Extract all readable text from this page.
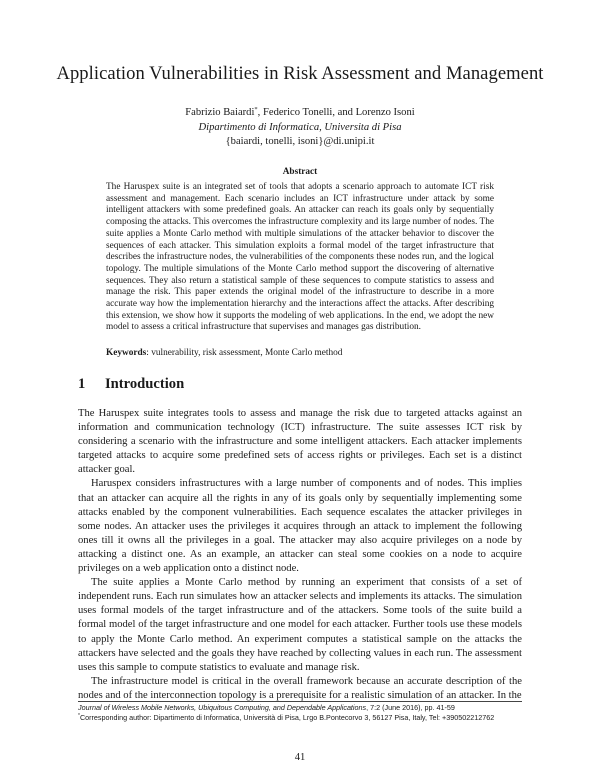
Application Vulnerabilities in Risk Assessment and Management
Fabrizio Baiardi*, Federico Tonelli, and Lorenzo Isoni
Dipartimento di Informatica, Universita di Pisa
{baiardi, tonelli, isoni}@di.unipi.it
Abstract
The Haruspex suite is an integrated set of tools that adopts a scenario approach to automate ICT risk assessment and management. Each scenario includes an ICT infrastructure under attack by some intelligent attackers with some predefined goals. An attacker can reach its goals only by sequentially composing the attacks. This overcomes the infrastructure complexity and its large number of nodes. The suite applies a Monte Carlo method with multiple simulations of the attacker behavior to discover the sequences of each attacker. This simulation exploits a formal model of the target infrastructure that describes the infrastructure nodes, the vulnerabilities of the components these nodes run, and the logical topology. The multiple simulations of the Monte Carlo method support the discovering of alternative sequences. They also return a statistical sample of these sequences to compute statistics to assess and manage the risk. This paper extends the original model of the infrastructure to describe in a more accurate way how the implementation hierarchy and the interactions affect the attacks. After describing this extension, we show how it supports the modeling of web applications. In the end, we adopt the new model to assess a critical infrastructure that supervises and manages gas distribution.
Keywords: vulnerability, risk assessment, Monte Carlo method
1 Introduction

The Haruspex suite integrates tools to assess and manage the risk due to targeted attacks against an information and communication technology (ICT) infrastructure. The suite assesses ICT risk by considering a scenario with the infrastructure and some intelligent attackers. Each attacker implements targeted attacks to acquire some predefined sets of access rights or privileges. Each set is a distinct attacker goal.

Haruspex considers infrastructures with a large number of components and of nodes. This implies that an attacker can acquire all the rights in any of its goals only by sequentially implementing some attacks enabled by the component vulnerabilities. Each sequence escalates the attacker privileges in some nodes. An attacker uses the privileges it acquires through an attack to implement the following ones till it owns all the privileges in a goal. The attacker may also acquire privileges on a node by attacking a distinct one. As an example, an attacker can steal some cookies on a node to acquire privileges on a web application onto a distinct node.

The suite applies a Monte Carlo method by running an experiment that consists of a set of independent runs. Each run simulates how an attacker selects and implements its attacks. The simulation uses formal models of the target infrastructure and of the attackers. Some tools of the suite build a formal model of the target infrastructure and one model for each attacker. Further tools use these models to apply the Monte Carlo method. An experiment computes a statistical sample on the attacks the attackers have selected and the goals they have reached by collecting values in each run. The assessment uses this sample to compute statistics to evaluate and manage risk.

The infrastructure model is critical in the overall framework because an accurate description of the nodes and of the interconnection topology is a prerequisite for a realistic simulation of an attacker. In the

Journal of Wireless Mobile Networks, Ubiquitous Computing, and Dependable Applications, 7:2 (June 2016), pp. 41-59

*Corresponding author: Dipartimento di Informatica, Università di Pisa, Lrgo B.Pontecorvo 3, 56127 Pisa, Italy, Tel: +390502212762

41
